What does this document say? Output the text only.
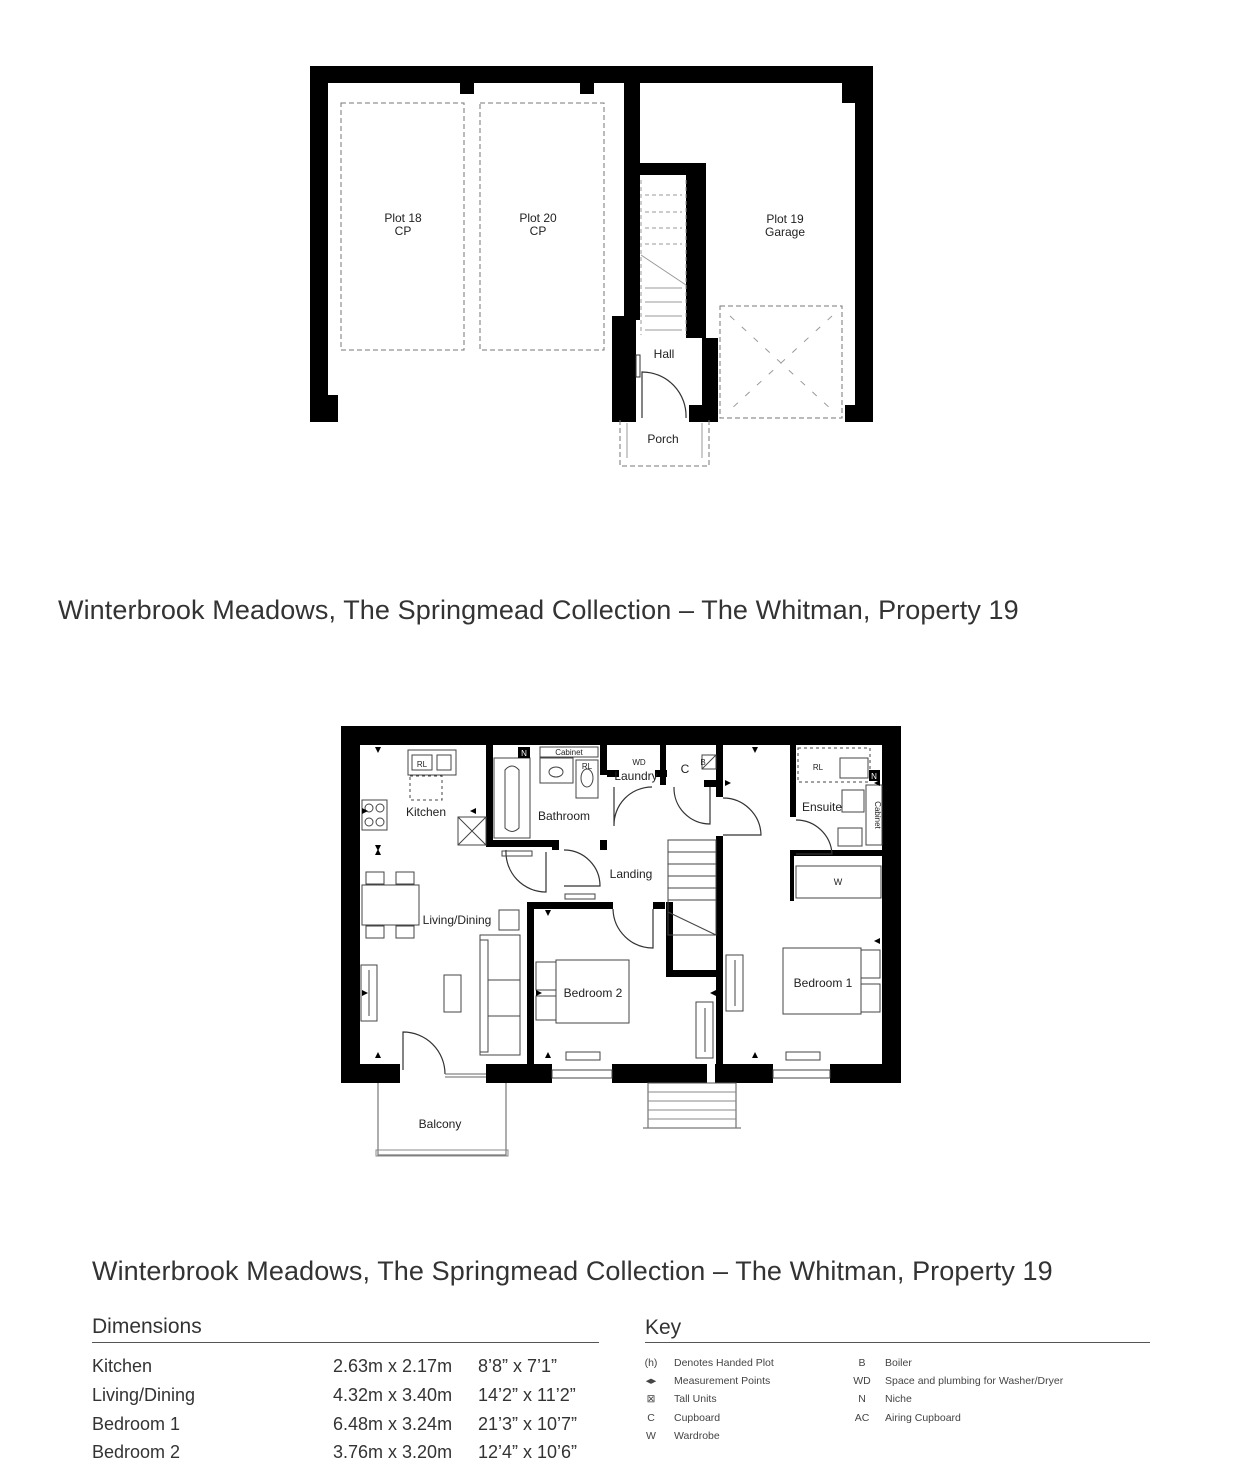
Plot 18
CP
Plot 20
CP
Plot 19
Garage
Hall
Porch
Winterbrook Meadows, The Springmead Collection – The Whitman, Property 19
N
N
Kitchen	Bathroom
Laundry C B
WD
Cabinet
RL	RL	RL
Ensuite	Cabinet
Landing
W
Living/Dining
Bedroom 2
Bedroom 1
Balcony
Winterbrook Meadows, The Springmead Collection – The Whitman, Property 19
Dimensions
Kitchen	2.63m x 2.17m 8’8” x 7’1”
Living/Dining	4.32m x 3.40m 14’2” x 11’2”
Bedroom 1	6.48m x 3.24m 21’3” x 10’7”
Bedroom 2	3.76m x 3.20m 12’4” x 10’6”
Key
(h)	Denotes Handed Plot
◂▸	Measurement Points
⊠	Tall Units
C	Cupboard
W	Wardrobe
B	Boiler
WD	Space and plumbing for Washer/Dryer
N	Niche
AC	Airing Cupboard
